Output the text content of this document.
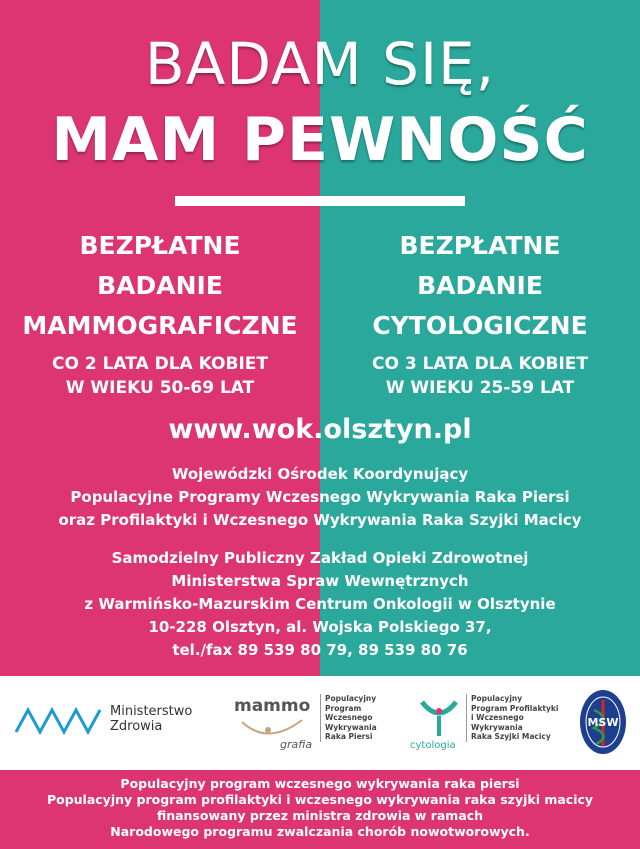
BADAM SIĘ,
MAM PEWNOŚĆ
BEZPŁATNE
BADANIE
MAMMOGRAFICZNE
CO 2 LATA DLA KOBIET
W WIEKU 50-69 LAT
BEZPŁATNE
BADANIE
CYTOLOGICZNE
CO 3 LATA DLA KOBIET
W WIEKU 25-59 LAT
www.wok.olsztyn.pl
Wojewódzki Ośrodek Koordynujący
Populacyjne Programy Wczesnego Wykrywania Raka Piersi
oraz Profilaktyki i Wczesnego Wykrywania Raka Szyjki Macicy
Samodzielny Publiczny Zakład Opieki Zdrowotnej
Ministerstwa Spraw Wewnętrznych
z Warmińsko-Mazurskim Centrum Onkologii w Olsztynie
10-228 Olsztyn, al. Wojska Polskiego 37,
tel./fax 89 539 80 79, 89 539 80 76
Ministerstwo
Zdrowia
mammo
grafia
Populacyjny
Program
Wczesnego
Wykrywania
Raka Piersi
cytologia
Populacyjny
Program Profilaktyki
i Wczesnego
Wykrywania
Raka Szyjki Macicy
MSW
Populacyjny program wczesnego wykrywania raka piersi
Populacyjny program profilaktyki i wczesnego wykrywania raka szyjki macicy
finansowany przez ministra zdrowia w ramach
Narodowego programu zwalczania chorób nowotworowych.
